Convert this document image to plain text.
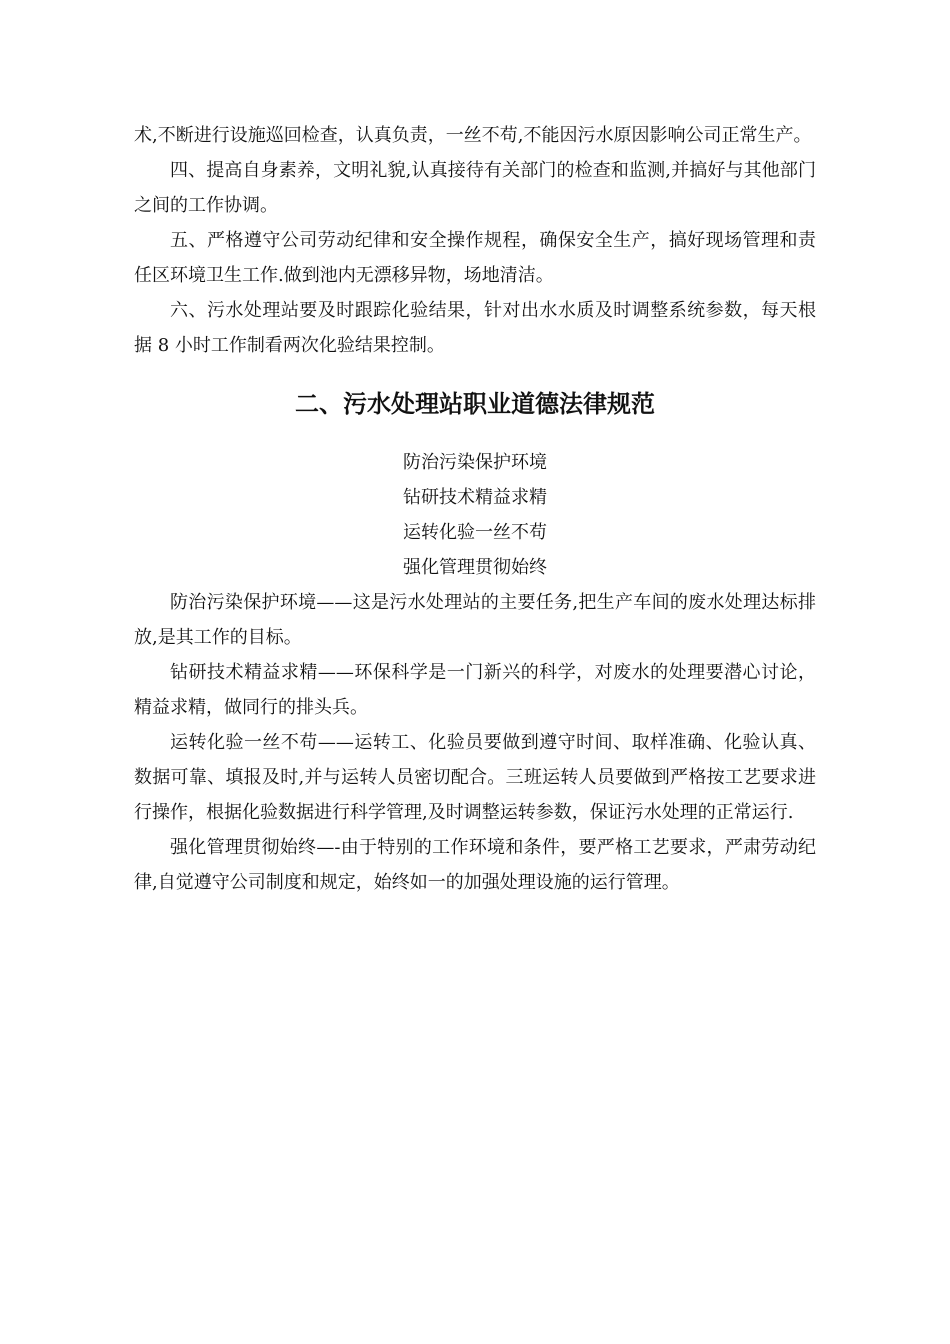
术,不断进行设施巡回检查，认真负责，一丝不苟,不能因污水原因影响公司正常生产。

四、提高自身素养，文明礼貌,认真接待有关部门的检查和监测,并搞好与其他部门之间的工作协调。

五、严格遵守公司劳动纪律和安全操作规程，确保安全生产，搞好现场管理和责任区环境卫生工作.做到池内无漂移异物，场地清洁。

六、污水处理站要及时跟踪化验结果，针对出水水质及时调整系统参数，每天根据 8 小时工作制看两次化验结果控制。

二、污水处理站职业道德法律规范
防治污染保护环境
钻研技术精益求精
运转化验一丝不苟
强化管理贯彻始终

防治污染保护环境——这是污水处理站的主要任务,把生产车间的废水处理达标排放,是其工作的目标。

钻研技术精益求精——环保科学是一门新兴的科学，对废水的处理要潜心讨论，精益求精，做同行的排头兵。

运转化验一丝不苟——运转工、化验员要做到遵守时间、取样准确、化验认真、数据可靠、填报及时,并与运转人员密切配合。三班运转人员要做到严格按工艺要求进行操作，根据化验数据进行科学管理,及时调整运转参数，保证污水处理的正常运行.

强化管理贯彻始终—-由于特别的工作环境和条件，要严格工艺要求，严肃劳动纪律,自觉遵守公司制度和规定，始终如一的加强处理设施的运行管理。
